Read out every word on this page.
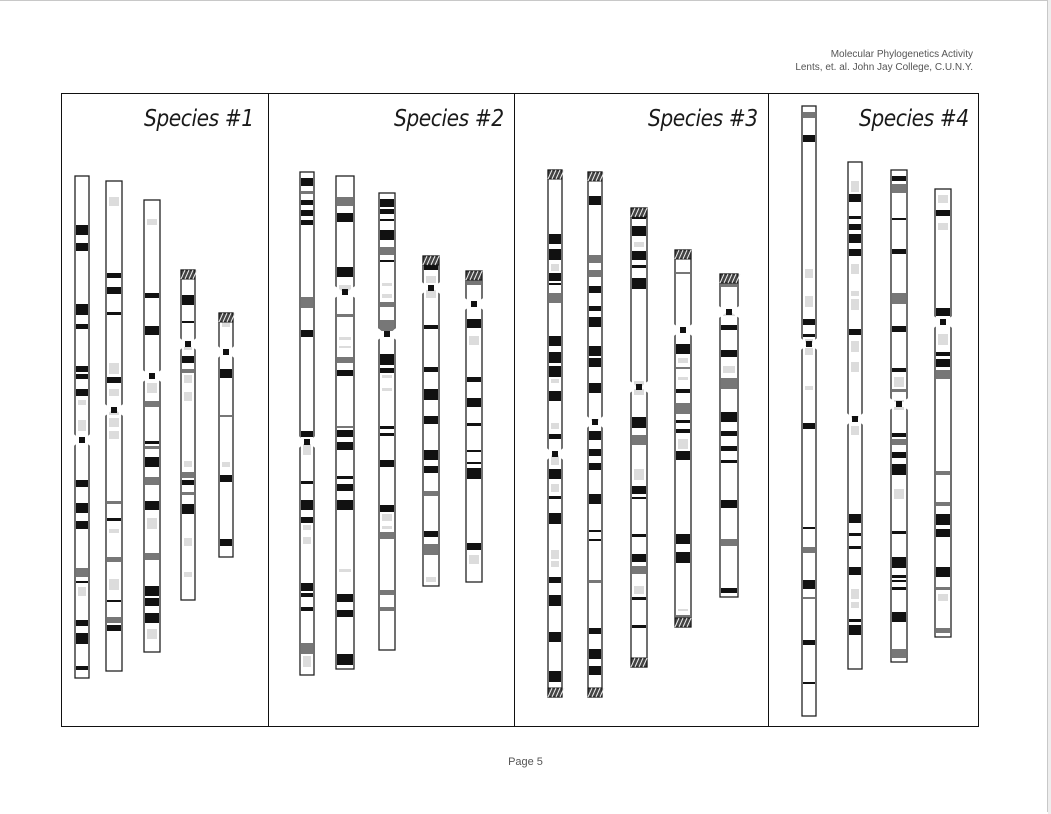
Molecular Phylogenetics Activity
Lents, et. al. John Jay College, C.U.N.Y.
Species #1	Species #2	Species #3	Species #4
Page 5
